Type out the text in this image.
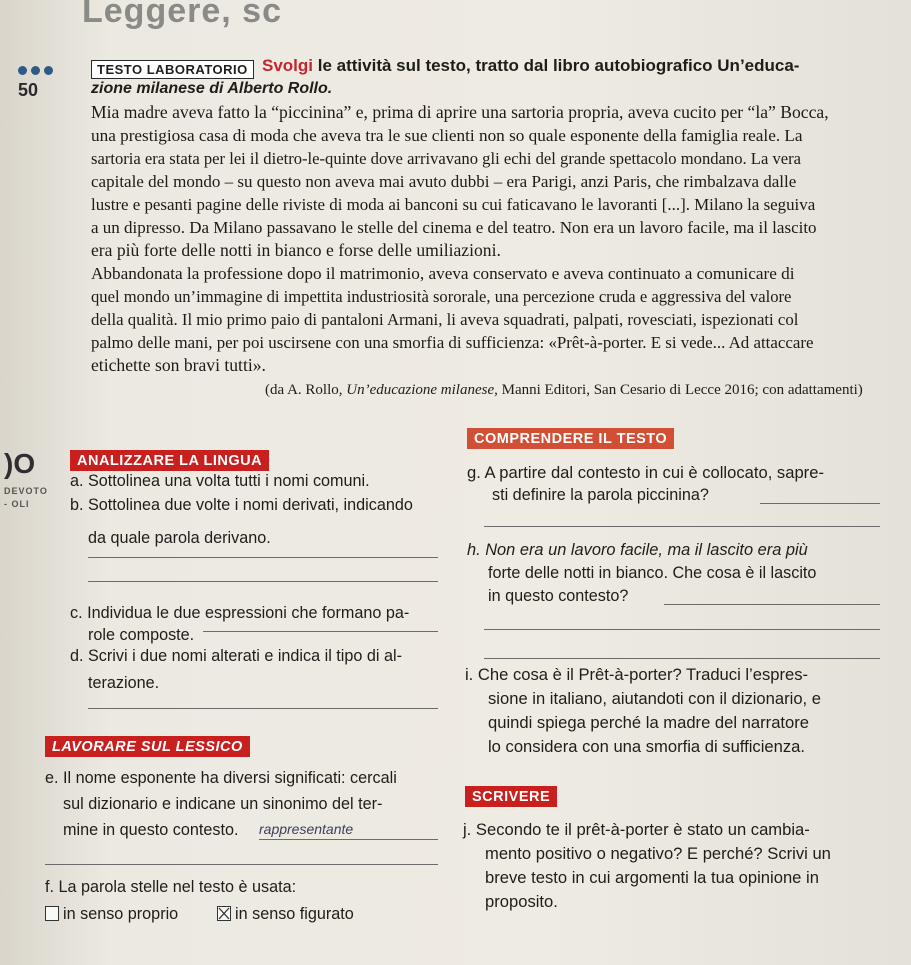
Leggere, sc
50
TESTO LABORATORIO Svolgi le attività sul testo, tratto dal libro autobiografico Un’educa-
zione milanese di Alberto Rollo.
Mia madre aveva fatto la “piccinina” e, prima di aprire una sartoria propria, aveva cucito per “la” Bocca,
una prestigiosa casa di moda che aveva tra le sue clienti non so quale esponente della famiglia reale. La
sartoria era stata per lei il dietro-le-quinte dove arrivavano gli echi del grande spettacolo mondano. La vera
capitale del mondo – su questo non aveva mai avuto dubbi – era Parigi, anzi Paris, che rimbalzava dalle
lustre e pesanti pagine delle riviste di moda ai banconi su cui faticavano le lavoranti [...]. Milano la seguiva
a un dipresso. Da Milano passavano le stelle del cinema e del teatro. Non era un lavoro facile, ma il lascito
era più forte delle notti in bianco e forse delle umiliazioni.
Abbandonata la professione dopo il matrimonio, aveva conservato e aveva continuato a comunicare di
quel mondo un’immagine di impettita industriosità sororale, una percezione cruda e aggressiva del valore
della qualità. Il mio primo paio di pantaloni Armani, li aveva squadrati, palpati, rovesciati, ispezionati col
palmo delle mani, per poi uscirsene con una smorfia di sufficienza: «Prêt-à-porter. E si vede... Ad attaccare
etichette son bravi tutti».
(da A. Rollo, Un’educazione milanese, Manni Editori, San Cesario di Lecce 2016; con adattamenti)
)O
DEVOTO
- OLI
ANALIZZARE LA LINGUA
a. Sottolinea una volta tutti i nomi comuni.
b. Sottolinea due volte i nomi derivati, indicando
da quale parola derivano.
c. Individua le due espressioni che formano pa-
role composte.
d. Scrivi i due nomi alterati e indica il tipo di al-
terazione.
LAVORARE SUL LESSICO
e. Il nome esponente ha diversi significati: cercali
sul dizionario e indicane un sinonimo del ter-
mine in questo contesto. rappresentante
f. La parola stelle nel testo è usata:
in senso proprio	in senso figurato
COMPRENDERE IL TESTO
g. A partire dal contesto in cui è collocato, sapre-
sti definire la parola piccinina?
h. Non era un lavoro facile, ma il lascito era più
forte delle notti in bianco. Che cosa è il lascito
in questo contesto?
i. Che cosa è il Prêt-à-porter? Traduci l’espres-
sione in italiano, aiutandoti con il dizionario, e
quindi spiega perché la madre del narratore
lo considera con una smorfia di sufficienza.
SCRIVERE
j. Secondo te il prêt-à-porter è stato un cambia-
mento positivo o negativo? E perché? Scrivi un
breve testo in cui argomenti la tua opinione in
proposito.
